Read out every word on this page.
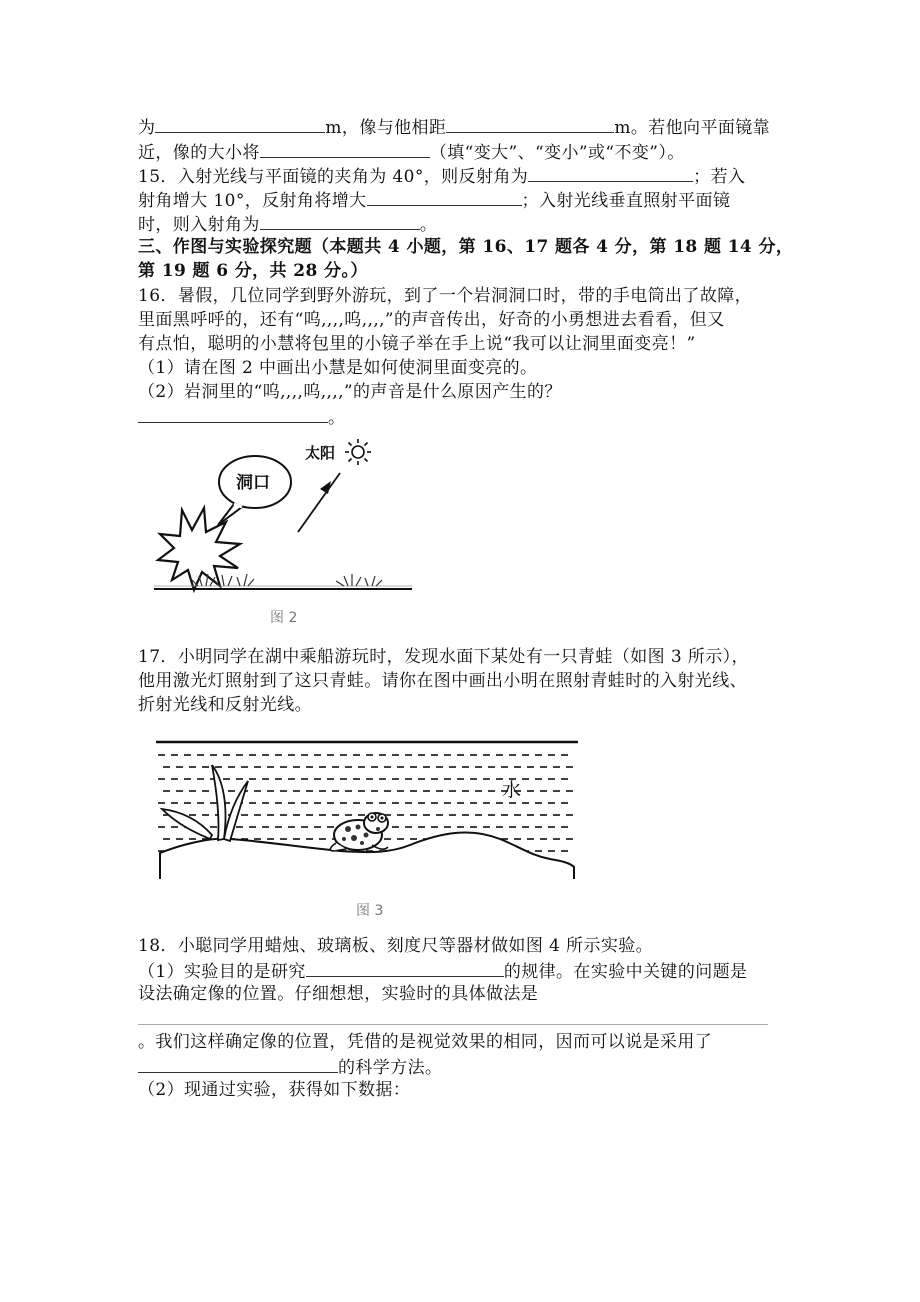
为	m，像与他相距	m。若他向平面镜靠
近，像的大小将	（填“变大”、“变小”或“不变”）。
15．入射光线与平面镜的夹角为 40°，则反射角为	；若入
射角增大 10°，反射角将增大	；入射光线垂直照射平面镜
时，则入射角为	。
三、作图与实验探究题（本题共 4 小题，第 16、17 题各 4 分，第 18 题 14 分，
第 19 题 6 分，共 28 分。）
16．暑假，几位同学到野外游玩，到了一个岩洞洞口时，带的手电筒出了故障，
里面黑呼呼的，还有“呜,,,,呜,,,,”的声音传出，好奇的小勇想进去看看，但又
有点怕，聪明的小慧将包里的小镜子举在手上说“我可以让洞里面变亮！”
（1）请在图 2 中画出小慧是如何使洞里面变亮的。
（2）岩洞里的“呜,,,,呜,,,,”的声音是什么原因产生的？
。
太阳
洞口
图 2
17．小明同学在湖中乘船游玩时，发现水面下某处有一只青蛙（如图 3 所示），
他用激光灯照射到了这只青蛙。请你在图中画出小明在照射青蛙时的入射光线、
折射光线和反射光线。
水
图 3
18．小聪同学用蜡烛、玻璃板、刻度尺等器材做如图 4 所示实验。
（1）实验目的是研究	的规律。在实验中关键的问题是
设法确定像的位置。仔细想想，实验时的具体做法是
。我们这样确定像的位置，凭借的是视觉效果的相同，因而可以说是采用了
的科学方法。
（2）现通过实验，获得如下数据：
